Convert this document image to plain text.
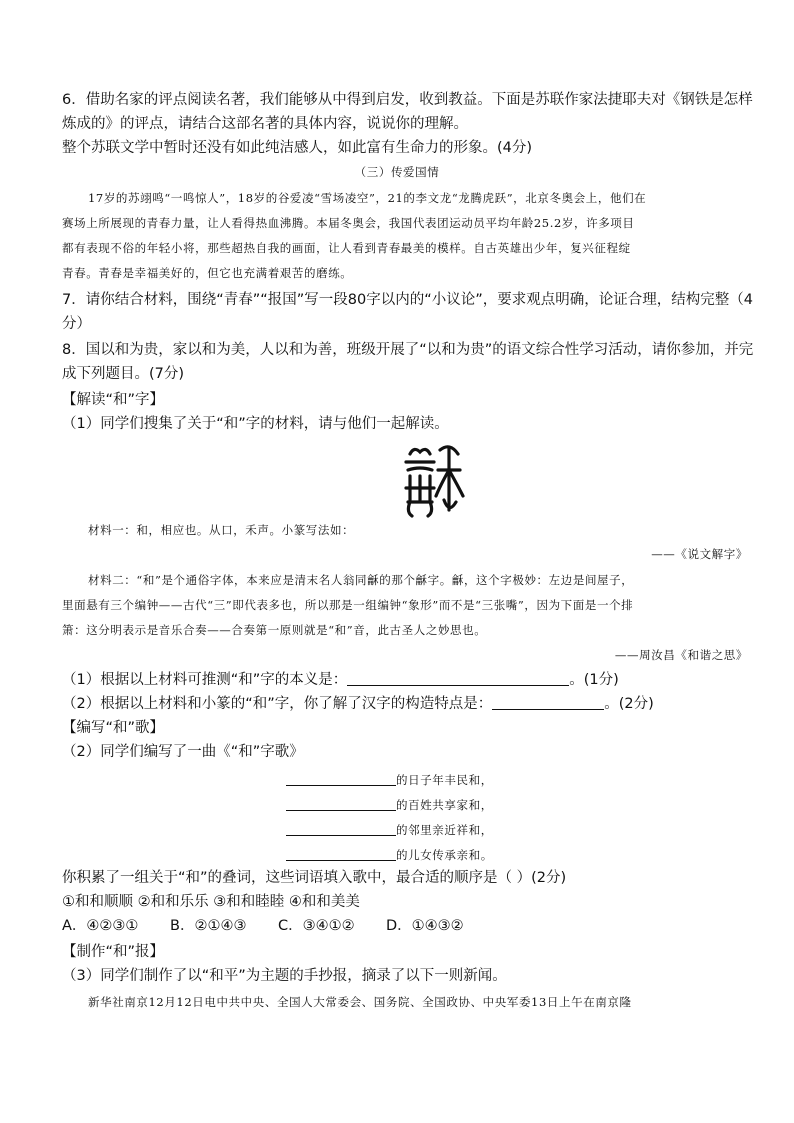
6．借助名家的评点阅读名著，我们能够从中得到启发，收到教益。下面是苏联作家法捷耶夫对《钢铁是怎样
炼成的》的评点，请结合这部名著的具体内容，说说你的理解。
整个苏联文学中暂时还没有如此纯洁感人，如此富有生命力的形象。(4分)
（三）传爱国情
17岁的苏翊鸣“一鸣惊人”，18岁的谷爱凌“雪场凌空”，21的李文龙“龙腾虎跃”，北京冬奥会上，他们在
赛场上所展现的青春力量，让人看得热血沸腾。本届冬奥会，我国代表团运动员平均年龄25.2岁，许多项目
都有表现不俗的年轻小将，那些超热自我的画面，让人看到青春最美的模样。自古英雄出少年，复兴征程绽
青春。青春是幸福美好的，但它也充满着艰苦的磨练。
7．请你结合材料，围绕“青春”“报国”写一段80字以内的“小议论”，要求观点明确，论证合理，结构完整（4
分）
8．国以和为贵，家以和为美，人以和为善，班级开展了“以和为贵”的语文综合性学习活动，请你参加，并完
成下列题目。(7分)
【解读“和”字】
（1）同学们搜集了关于“和”字的材料，请与他们一起解读。
材料一：和，相应也。从口，禾声。小篆写法如：
——《说文解字》
材料二：“和”是个通俗字体，本来应是清末名人翁同龢的那个龢字。龢，这个字极妙：左边是间屋子，
里面悬有三个编钟——古代“三”即代表多也，所以那是一组编钟“象形”而不是“三张嘴”，因为下面是一个排
箫：这分明表示是音乐合奏——合奏第一原则就是“和”音，此古圣人之妙思也。
——周汝昌《和谐之思》
（1）根据以上材料可推测“和”字的本义是：	。(1分)
（2）根据以上材料和小篆的“和”字，你了解了汉字的构造特点是：	。(2分)
【编写“和”歌】
（2）同学们编写了一曲《“和”字歌》
的日子年丰民和，
的百姓共享家和，
的邻里亲近祥和，
的儿女传承亲和。
你积累了一组关于“和”的叠词，这些词语填入歌中，最合适的顺序是（ ）(2分)
①和和顺顺 ②和和乐乐 ③和和睦睦 ④和和美美
A．④②③① B．②①④③ C．③④①② D．①④③②
【制作“和”报】
（3）同学们制作了以“和平”为主题的手抄报，摘录了以下一则新闻。
新华社南京12月12日电中共中央、全国人大常委会、国务院、全国政协、中央军委13日上午在南京隆
